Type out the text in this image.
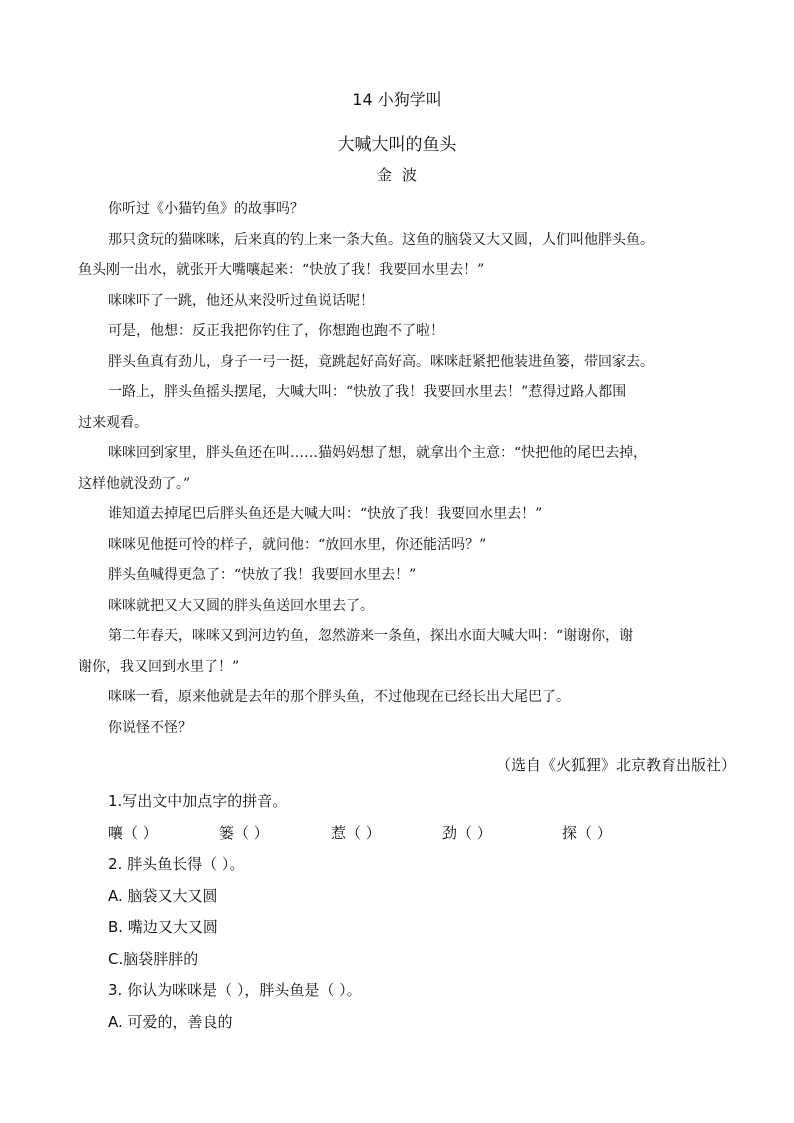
14 小狗学叫
大喊大叫的鱼头
金波

你听过《小猫钓鱼》的故事吗？

那只贪玩的猫咪咪，后来真的钓上来一条大鱼。这鱼的脑袋又大又圆，人们叫他胖头鱼。
鱼头刚一出水，就张开大嘴嚷起来：“快放了我！我要回水里去！”

咪咪吓了一跳，他还从来没听过鱼说话呢！

可是，他想：反正我把你钓住了，你想跑也跑不了啦！

胖头鱼真有劲儿，身子一弓一挺，竟跳起好高好高。咪咪赶紧把他装进鱼篓，带回家去。

一路上，胖头鱼摇头摆尾，大喊大叫：“快放了我！我要回水里去！”惹得过路人都围
过来观看。

咪咪回到家里，胖头鱼还在叫……猫妈妈想了想，就拿出个主意：“快把他的尾巴去掉，
这样他就没劲了。”

谁知道去掉尾巴后胖头鱼还是大喊大叫：“快放了我！我要回水里去！”

咪咪见他挺可怜的样子，就问他：“放回水里，你还能活吗？”

胖头鱼喊得更急了：“快放了我！我要回水里去！”

咪咪就把又大又圆的胖头鱼送回水里去了。

第二年春天，咪咪又到河边钓鱼，忽然游来一条鱼，探出水面大喊大叫：“谢谢你，谢
谢你，我又回到水里了！”

咪咪一看，原来他就是去年的那个胖头鱼，不过他现在已经长出大尾巴了。

你说怪不怪？

（选自《火狐狸》北京教育出版社）
1.写出文中加点字的拼音。
嚷（ ）	篓（ ）	惹（ ）	劲（ ）	探（ ）
2. 胖头鱼长得（ ）。
A. 脑袋又大又圆
B. 嘴边又大又圆
C.脑袋胖胖的
3. 你认为咪咪是（ ），胖头鱼是（ ）。
A. 可爱的，善良的
